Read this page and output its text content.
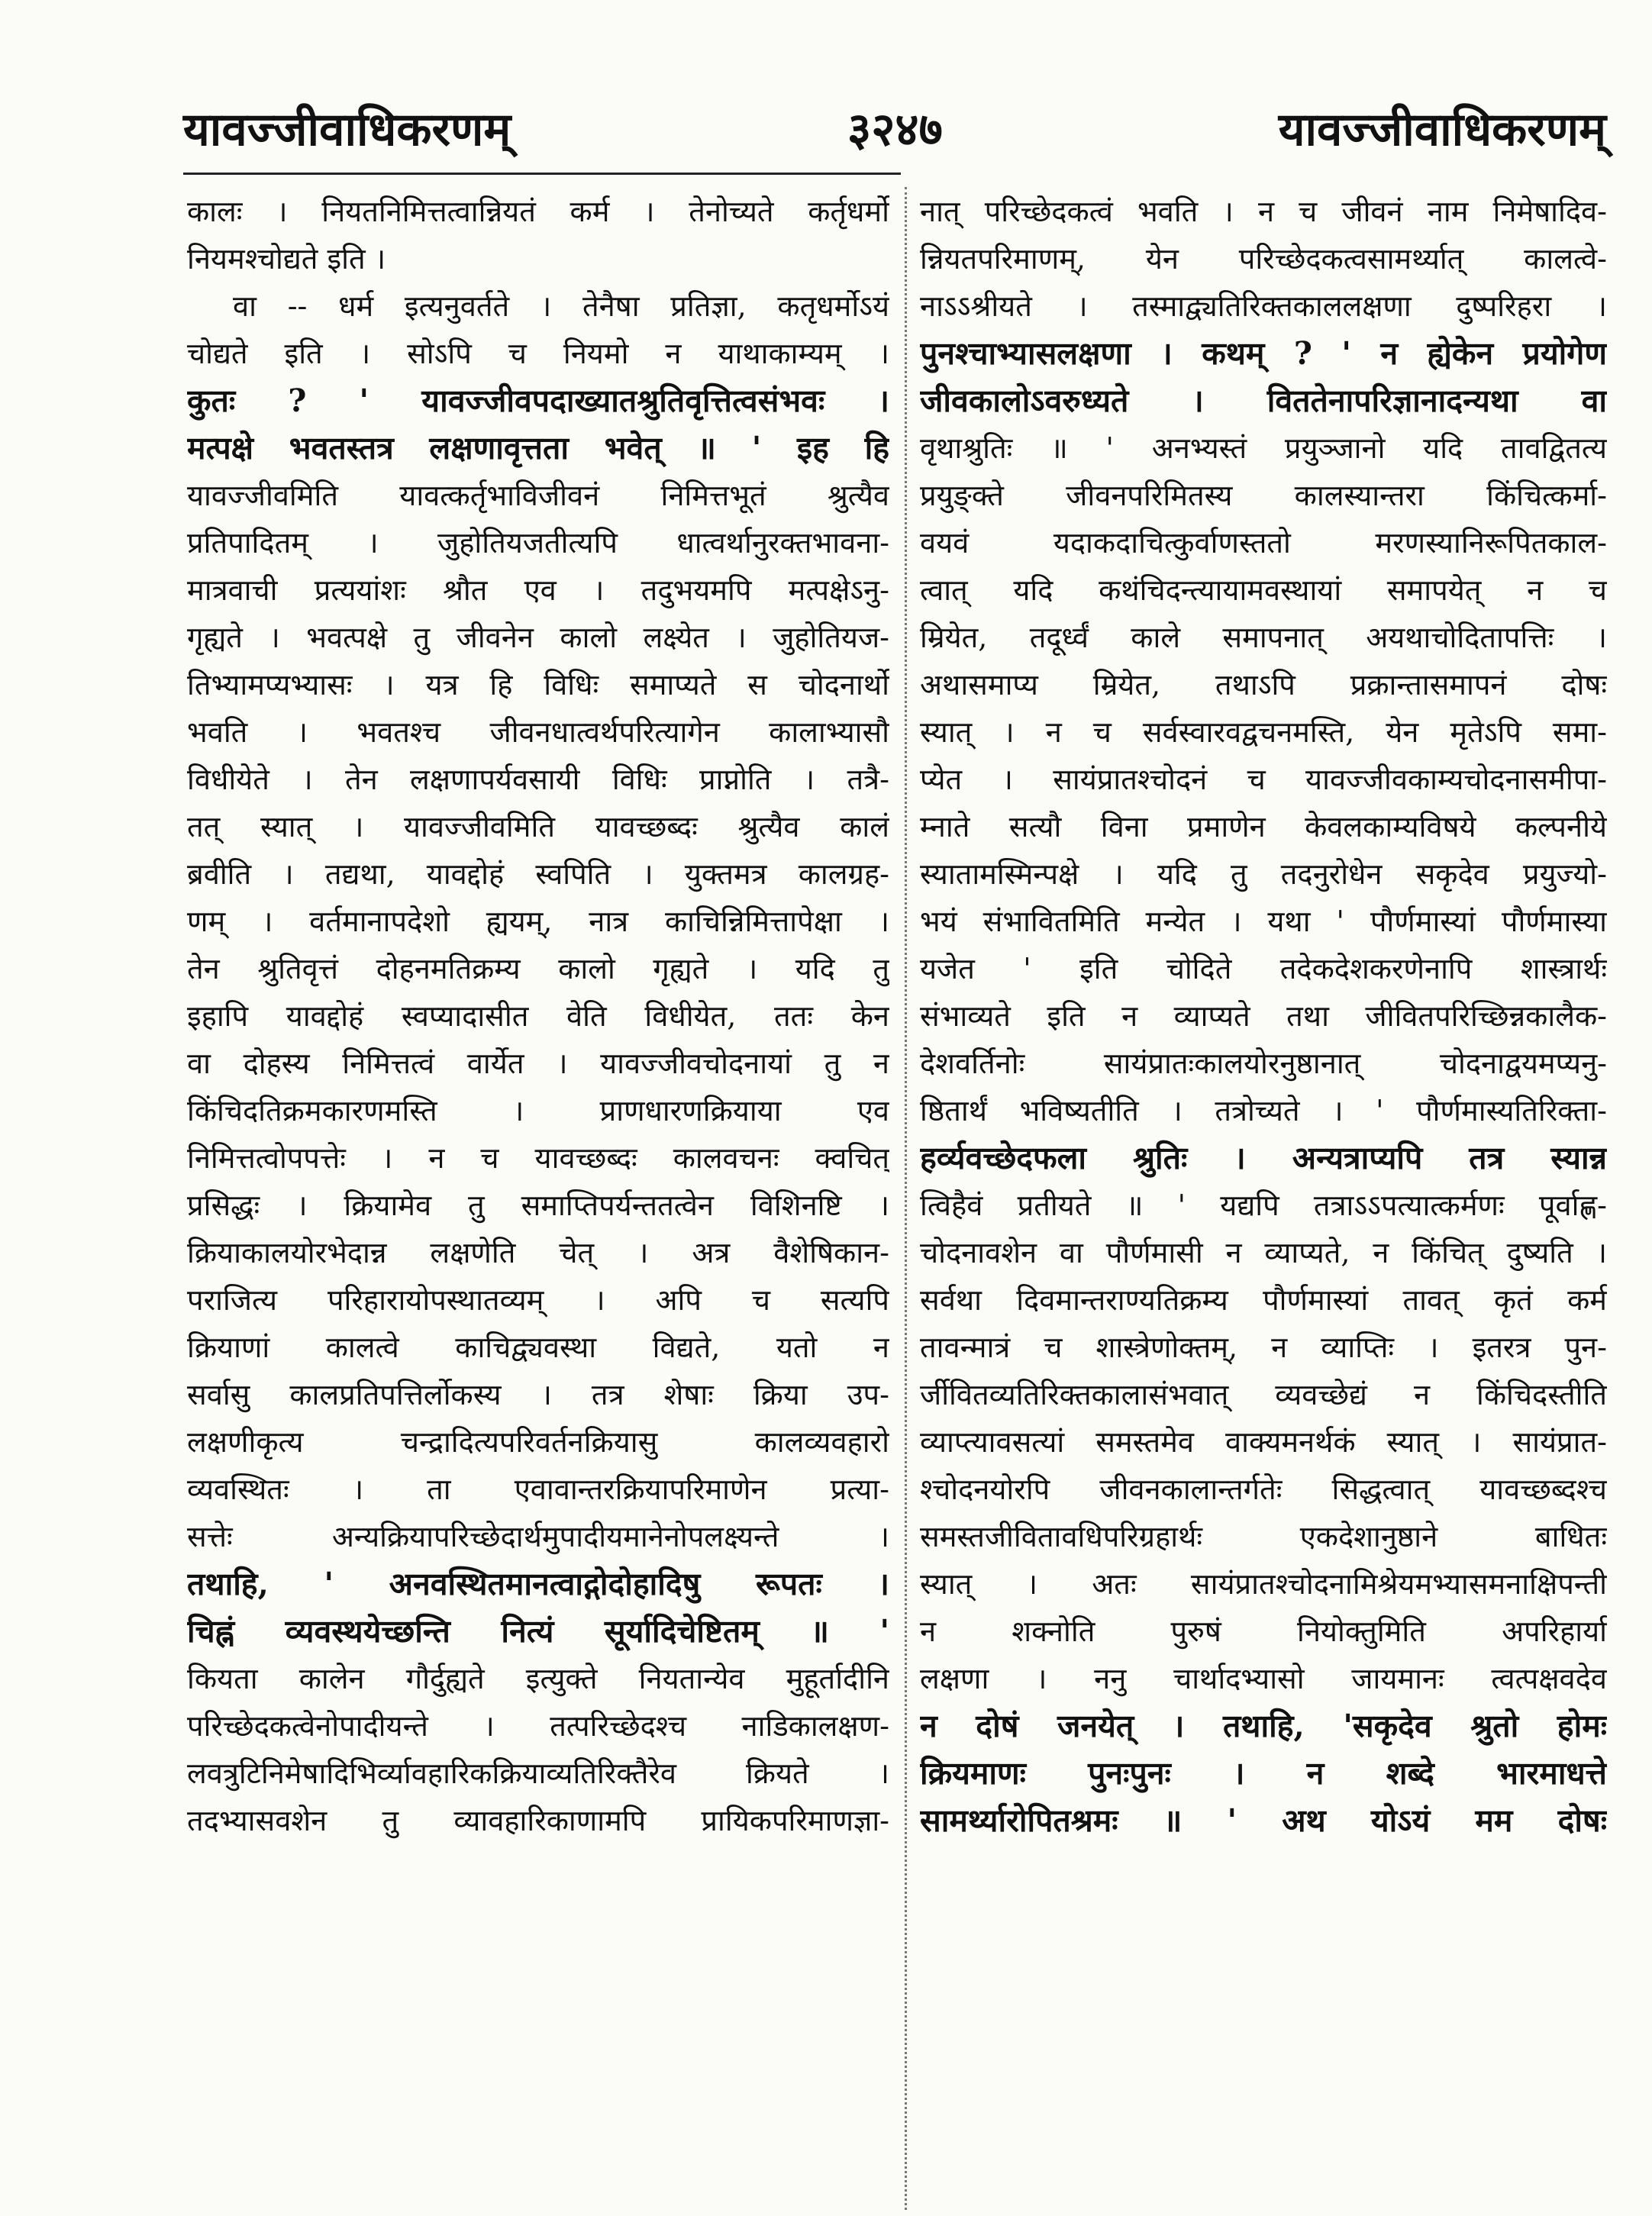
यावज्जीवाधिकरणम्	३२४७	यावज्जीवाधिकरणम्
कालः । नियतनिमित्तत्वान्नियतं कर्म । तेनोच्यते कर्तृधर्मो
नियमश्चोद्यते इति ।
वा -- धर्म इत्यनुवर्तते । तेनैषा प्रतिज्ञा, कतृधर्मोऽयं
चोद्यते इति । सोऽपि च नियमो न याथाकाम्यम् ।
कुतः ? ' यावज्जीवपदाख्यातश्रुतिवृत्तित्वसंभवः ।
मत्पक्षे भवतस्तत्र लक्षणावृत्तता भवेत् ॥ ' इह हि
यावज्जीवमिति यावत्कर्तृभाविजीवनं निमित्तभूतं श्रुत्यैव
प्रतिपादितम् । जुहोतियजतीत्यपि धात्वर्थानुरक्तभावना-
मात्रवाची प्रत्ययांशः श्रौत एव । तदुभयमपि मत्पक्षेऽनु-
गृह्यते । भवत्पक्षे तु जीवनेन कालो लक्ष्येत । जुहोतियज-
तिभ्यामप्यभ्यासः । यत्र हि विधिः समाप्यते स चोदनार्थो
भवति । भवतश्च जीवनधात्वर्थपरित्यागेन कालाभ्यासौ
विधीयेते । तेन लक्षणापर्यवसायी विधिः प्राप्नोति । तत्रै-
तत् स्यात् । यावज्जीवमिति यावच्छब्दः श्रुत्यैव कालं
ब्रवीति । तद्यथा, यावद्दोहं स्वपिति । युक्तमत्र कालग्रह-
णम् । वर्तमानापदेशो ह्ययम्, नात्र काचिन्निमित्तापेक्षा ।
तेन श्रुतिवृत्तं दोहनमतिक्रम्य कालो गृह्यते । यदि तु
इहापि यावद्दोहं स्वप्यादासीत वेति विधीयेत, ततः केन
वा दोहस्य निमित्तत्वं वार्येत । यावज्जीवचोदनायां तु न
किंचिदतिक्रमकारणमस्ति । प्राणधारणक्रियाया एव
निमित्तत्वोपपत्तेः । न च यावच्छब्दः कालवचनः क्वचित्
प्रसिद्धः । क्रियामेव तु समाप्तिपर्यन्ततत्वेन विशिनष्टि ।
क्रियाकालयोरभेदान्न लक्षणेति चेत् । अत्र वैशेषिकान-
पराजित्य परिहारायोपस्थातव्यम् । अपि च सत्यपि
क्रियाणां कालत्वे काचिद्व्यवस्था विद्यते, यतो न
सर्वासु कालप्रतिपत्तिर्लोकस्य । तत्र शेषाः क्रिया उप-
लक्षणीकृत्य चन्द्रादित्यपरिवर्तनक्रियासु कालव्यवहारो
व्यवस्थितः । ता एवावान्तरक्रियापरिमाणेन प्रत्या-
सत्तेः अन्यक्रियापरिच्छेदार्थमुपादीयमानेनोपलक्ष्यन्ते ।
तथाहि, ' अनवस्थितमानत्वाद्गोदोहादिषु रूपतः ।
चिह्नं व्यवस्थयेच्छन्ति नित्यं सूर्यादिचेष्टितम् ॥ '
कियता कालेन गौर्दुह्यते इत्युक्ते नियतान्येव मुहूर्तादीनि
परिच्छेदकत्वेनोपादीयन्ते । तत्परिच्छेदश्च नाडिकालक्षण-
लवत्रुटिनिमेषादिभिर्व्यावहारिकक्रियाव्यतिरिक्तैरेव क्रियते ।
तदभ्यासवशेन तु व्यावहारिकाणामपि प्रायिकपरिमाणज्ञा-
नात् परिच्छेदकत्वं भवति । न च जीवनं नाम निमेषादिव-
न्नियतपरिमाणम्, येन परिच्छेदकत्वसामर्थ्यात् कालत्वे-
नाऽऽश्रीयते । तस्माद्व्यतिरिक्तकाललक्षणा दुष्परिहरा ।
पुनश्चाभ्यासलक्षणा । कथम् ? ' न ह्येकेन प्रयोगेण
जीवकालोऽवरुध्यते । विततेनापरिज्ञानादन्यथा वा
वृथाश्रुतिः ॥ ' अनभ्यस्तं प्रयुञ्जानो यदि तावद्वितत्य
प्रयुङ्क्ते जीवनपरिमितस्य कालस्यान्तरा किंचित्कर्मा-
वयवं यदाकदाचित्कुर्वाणस्ततो मरणस्यानिरूपितकाल-
त्वात् यदि कथंचिदन्त्यायामवस्थायां समापयेत् न च
म्रियेत, तदूर्ध्वं काले समापनात् अयथाचोदितापत्तिः ।
अथासमाप्य म्रियेत, तथाऽपि प्रक्रान्तासमापनं दोषः
स्यात् । न च सर्वस्वारवद्वचनमस्ति, येन मृतेऽपि समा-
प्येत । सायंप्रातश्चोदनं च यावज्जीवकाम्यचोदनासमीपा-
म्नाते सत्यौ विना प्रमाणेन केवलकाम्यविषये कल्पनीये
स्यातामस्मिन्पक्षे । यदि तु तदनुरोधेन सकृदेव प्रयुज्यो-
भयं संभावितमिति मन्येत । यथा ' पौर्णमास्यां पौर्णमास्या
यजेत ' इति चोदिते तदेकदेशकरणेनापि शास्त्रार्थः
संभाव्यते इति न व्याप्यते तथा जीवितपरिच्छिन्नकालैक-
देशवर्तिनोः सायंप्रातःकालयोरनुष्ठानात् चोदनाद्वयमप्यनु-
ष्ठितार्थं भविष्यतीति । तत्रोच्यते । ' पौर्णमास्यतिरिक्ता-
हर्व्यवच्छेदफला श्रुतिः । अन्यत्राप्यपि तत्र स्यान्न
त्विहैवं प्रतीयते ॥ ' यद्यपि तत्राऽऽपत्यात्कर्मणः पूर्वाह्ण-
चोदनावशेन वा पौर्णमासी न व्याप्यते, न किंचित् दुष्यति ।
सर्वथा दिवमान्तराण्यतिक्रम्य पौर्णमास्यां तावत् कृतं कर्म
तावन्मात्रं च शास्त्रेणोक्तम्, न व्याप्तिः । इतरत्र पुन-
र्जीवितव्यतिरिक्तकालासंभवात् व्यवच्छेद्यं न किंचिदस्तीति
व्याप्त्यावसत्यां समस्तमेव वाक्यमनर्थकं स्यात् । सायंप्रात-
श्चोदनयोरपि जीवनकालान्तर्गतेः सिद्धत्वात् यावच्छब्दश्च
समस्तजीवितावधिपरिग्रहार्थः एकदेशानुष्ठाने बाधितः
स्यात् । अतः सायंप्रातश्चोदनामिश्रेयमभ्यासमनाक्षिपन्ती
न शक्नोति पुरुषं नियोक्तुमिति अपरिहार्या
लक्षणा । ननु चार्थादभ्यासो जायमानः त्वत्पक्षवदेव
न दोषं जनयेत् । तथाहि, 'सकृदेव श्रुतो होमः
क्रियमाणः पुनःपुनः । न शब्दे भारमाधत्ते
सामर्थ्यारोपितश्रमः ॥ ' अथ योऽयं मम दोषः
